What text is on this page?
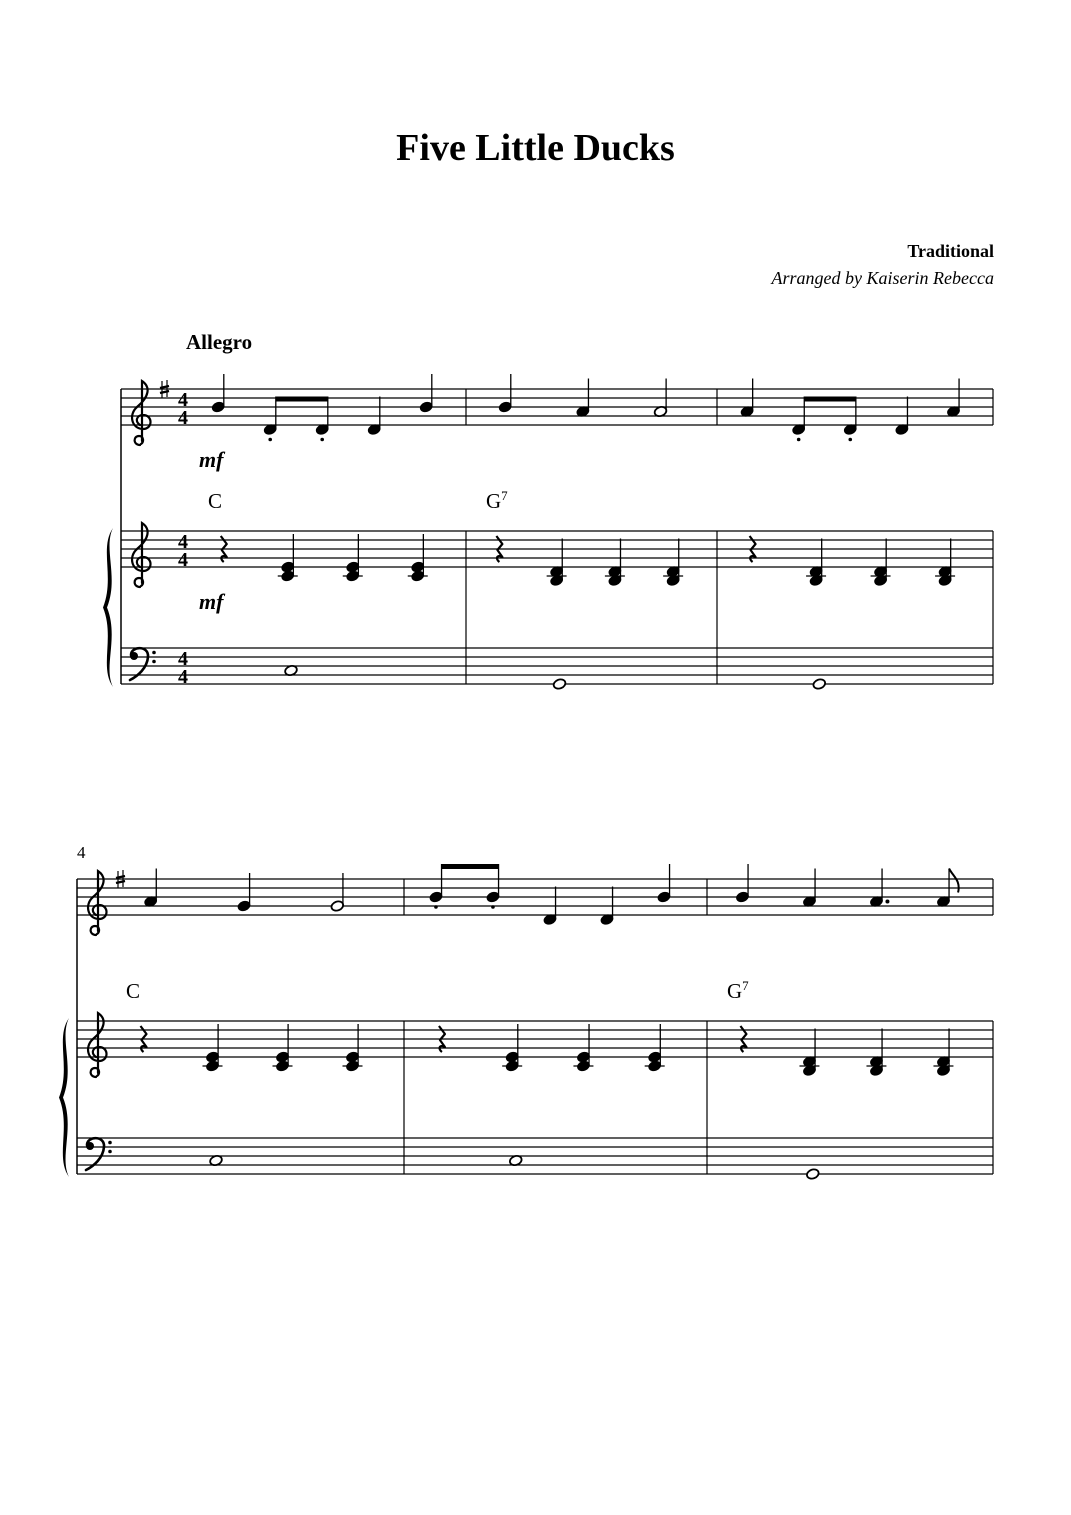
Five Little Ducks
Traditional
Arranged by Kaiserin Rebecca
Allegro
4
4
4
4
4
4
mf
mf
C	$G^7$
4
C	$G^7$
